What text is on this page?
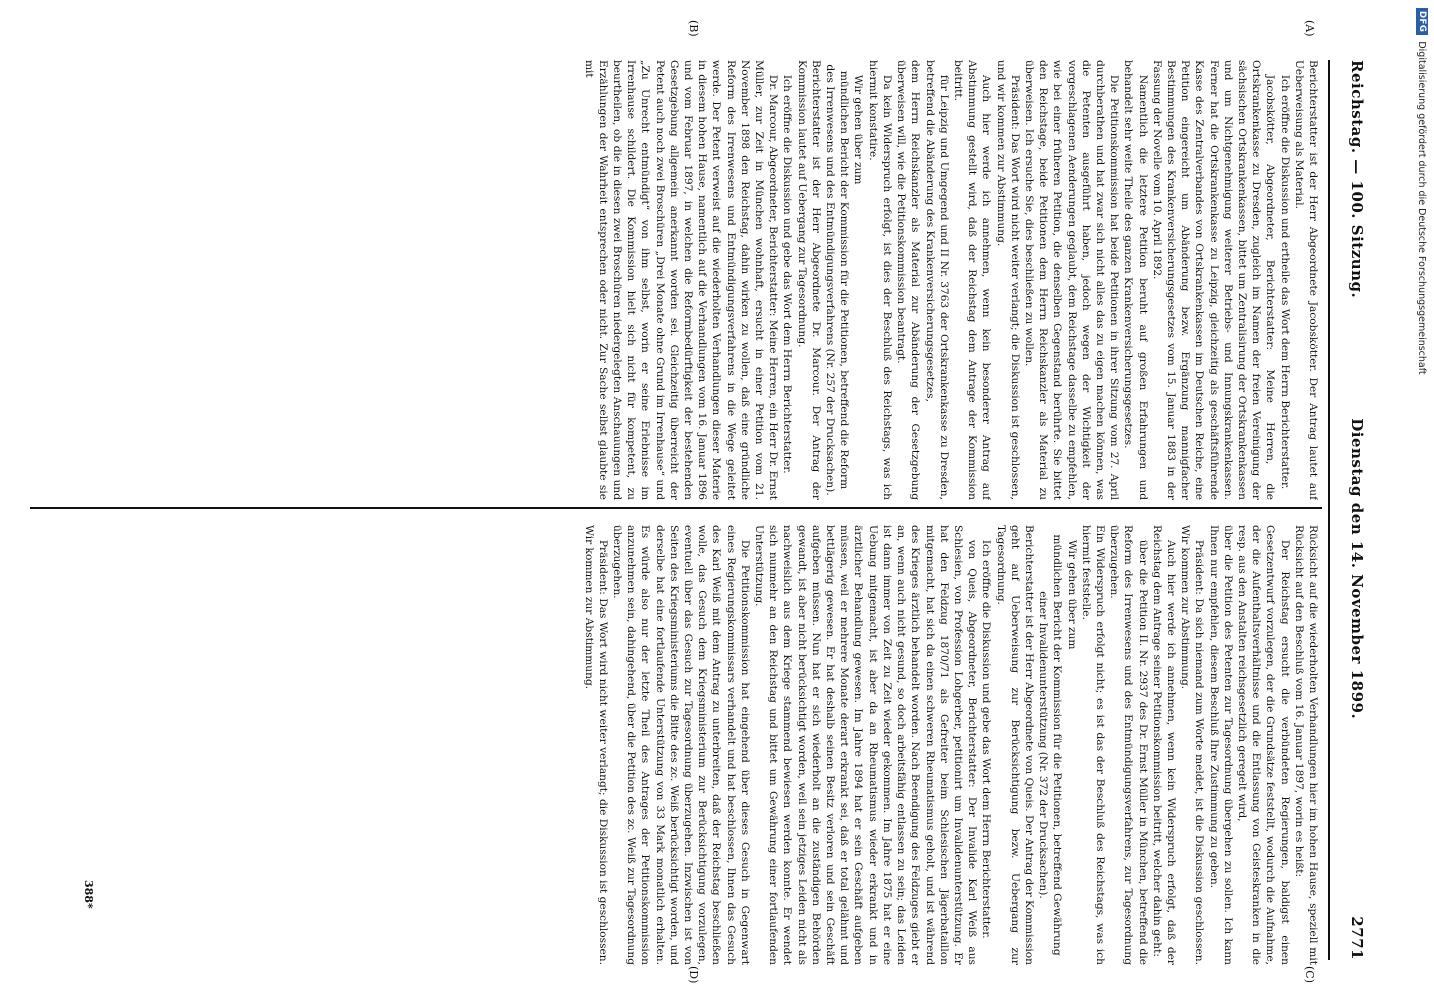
Reichstag. — 100. Sitzung.
Dienstag den 14. November 1899.
2771
(A)
(B)
(C)
(D)

Berichterstatter ist der Herr Abgeordnete Jacobskötter. Der Antrag lautet auf Ueberweisung als Material.

Ich eröffne die Diskussion und ertheile das Wort dem Herrn Berichterstatter.

Jacobskötter, Abgeordneter, Berichterstatter: Meine Herren, die Ortskrankenkasse zu Dresden, zugleich im Namen der freien Vereinigung der sächsischen Ortskrankenkassen, bittet um Zentralisirung der Ortskrankenkassen und um Nichtgenehmigung weiterer Betriebs- und Innungskrankenkassen. Ferner hat die Ortskrankenkasse zu Leipzig, gleichzeitig als geschäftsführende Kasse des Zentralverbandes von Ortskrankenkassen im Deutschen Reiche, eine Petition eingereicht um Abänderung bezw. Ergänzung mannigfacher Bestimmungen des Krankenversicherungsgesetzes vom 15. Januar 1883 in der Fassung der Novelle vom 10. April 1892.

Namentlich die letztere Petition beruht auf großen Erfahrungen und behandelt sehr weite Theile des ganzen Krankenversicherungsgesetzes.

Die Petitionskommission hat beide Petitionen in ihrer Sitzung vom 27. April durchberathen und hat zwar sich nicht alles das zu eigen machen können, was die Petenten ausgeführt haben, jedoch wegen der Wichtigkeit der vorgeschlagenen Aenderungen geglaubt, dem Reichstage dasselbe zu empfehlen, wie bei einer früheren Petition, die denselben Gegenstand berührte. Sie bittet den Reichstage, beide Petitionen dem Herrn Reichskanzler als Material zu überweisen. Ich ersuche Sie, dies beschließen zu wollen.

Präsident: Das Wort wird nicht weiter verlangt; die Diskussion ist geschlossen, und wir kommen zur Abstimmung.

Auch hier werde ich annehmen, wenn kein besonderer Antrag auf Abstimmung gestellt wird, daß der Reichstag dem Antrage der Kommission beitritt.

für Leipzig und Umgegend und II Nr. 3763 der Ortskrankenkasse zu Dresden, betreffend die Abänderung des Krankenversicherungsgesetzes,

dem Herrn Reichskanzler als Material zur Abänderung der Gesetzgebung überweisen will, wie die Petitionskommission beantragt.

Da kein Widerspruch erfolgt, ist dies der Beschluß des Reichstags, was ich hiermit konstatire.

Wir gehen über zum

mündlichen Bericht der Kommission für die Petitionen, betreffend die Reform des Irrenwesens und des Entmündigungsverfahrens (Nr. 257 der Drucksachen).

Berichterstatter ist der Herr Abgeordnete Dr. Marcour. Der Antrag der Kommission lautet auf Uebergang zur Tagesordnung.

Ich eröffne die Diskussion und gebe das Wort dem Herrn Berichterstatter.

Dr. Marcour, Abgeordneter, Berichterstatter: Meine Herren, ein Herr Dr. Ernst Müller, zur Zeit in München wohnhaft, ersucht in einer Petition vom 21. November 1898 den Reichstag, dahin wirken zu wollen, daß eine gründliche Reform des Irrenwesens und Entmündigungsverfahrens in die Wege geleitet werde. Der Petent verweist auf die wiederholten Verhandlungen dieser Materie in diesem hohen Hause, namentlich auf die Verhandlungen vom 16. Januar 1896 und vom Februar 1897, in welchen die Reformbedürftigkeit der bestehenden Gesetzgebung allgemein anerkannt worden sei. Gleichzeitig überreicht der Petent auch noch zwei Broschüren „Drei Monate ohne Grund im Irrenhause“ und „Zu Unrecht entmündigt“ von ihm selbst, worin er seine Erlebnisse im Irrenhause schildert. Die Kommission hielt sich nicht für kompetent, zu beurtheilen, ob die in diesen zwei Broschüren niedergelegten Anschauungen und Erzählungen der Wahrheit entsprechen oder nicht. Zur Sache selbst glaubte sie mit

Rücksicht auf die wiederholten Verhandlungen hier im hohen Hause, speziell mit Rücksicht auf den Beschluß vom 16. Januar 1897, worin es heißt:

Der Reichstag ersucht die verbündeten Regierungen, baldigst einen Gesetzentwurf vorzulegen, der die Grundsätze feststellt, wodurch die Aufnahme, der die Aufenthaltsverhältnisse und die Entlassung von Geisteskranken in die resp. aus den Anstalten reichsgesetzlich geregelt wird,

über die Petition des Petenten zur Tagesordnung übergehen zu sollen. Ich kann Ihnen nur empfehlen, diesem Beschluß Ihre Zustimmung zu geben.

Präsident: Da sich niemand zum Worte meldet, ist die Diskussion geschlossen. Wir kommen zur Abstimmung.

Auch hier werde ich annehmen, wenn kein Widerspruch erfolgt, daß der Reichstag dem Antrage seiner Petitionskommission beitritt, welcher dahin geht:

über die Petition II. Nr. 2937 des Dr. Ernst Müller in München, betreffend die Reform des Irrenwesens und des Entmündigungsverfahrens, zur Tagesordnung überzugehen.

Ein Widerspruch erfolgt nicht; es ist das der Beschluß des Reichstags, was ich hiermit feststelle.

Wir gehen über zum

mündlichen Bericht der Kommission für die Petitionen, betreffend Gewährung einer Invalidenunterstützung (Nr. 372 der Drucksachen).

Berichterstatter ist der Herr Abgeordnete von Queis. Der Antrag der Kommission geht auf Ueberweisung zur Berücksichtigung bezw. Uebergang zur Tagesordnung.

Ich eröffne die Diskussion und gebe das Wort dem Herrn Berichterstatter.

von Queis, Abgeordneter, Berichterstatter: Der Invalide Karl Weiß aus Schlesien, von Profession Lohgerber, petitionirt um Invalidenunterstützung. Er hat den Feldzug 1870/71 als Gefreiter beim Schlesischen Jägerbataillon mitgemacht, hat sich da einen schweren Rheumatismus geholt, und ist während des Krieges ärztlich behandelt worden. Nach Beendigung des Feldzuges giebt er an, wenn auch nicht gesund, so doch arbeitsfähig entlassen zu sein; das Leiden ist dann immer von Zeit zu Zeit wieder gekommen. Im Jahre 1875 hat er eine Uebung mitgemacht, ist aber da an Rheumatismus wieder erkrankt und in ärztlicher Behandlung gewesen. Im Jahre 1894 hat er sein Geschäft aufgeben müssen, weil er mehrere Monate derart erkrankt sei, daß er total gelähmt und bettlägerig gewesen. Er hat deshalb seinen Besitz verloren und sein Geschäft aufgeben müssen. Nun hat er sich wiederholt an die zuständigen Behörden gewandt, ist aber nicht berücksichtigt worden, weil sein jetziges Leiden nicht als nachweislich aus dem Kriege stammend bewiesen werden konnte. Er wendet sich nunmehr an den Reichstag und bittet um Gewährung einer fortlaufenden Unterstützung.

Die Petitionskommission hat eingehend über dieses Gesuch in Gegenwart eines Regierungskommissars verhandelt und hat beschlossen, Ihnen das Gesuch des Karl Weiß mit dem Antrag zu unterbreiten, daß der Reichstag beschließen wolle, das Gesuch dem Kriegsministerium zur Berücksichtigung vorzulegen, eventuell über das Gesuch zur Tagesordnung überzugehen. Inzwischen ist von Seiten des Kriegsministeriums die Bitte des zc. Weiß berücksichtigt worden, und derselbe hat eine fortlaufende Unterstützung von 33 Mark monatlich erhalten. Es würde also nur der letzte Theil des Antrages der Petitionskommission anzunehmen sein, dahingehend, über die Petition des zc. Weiß zur Tagesordnung überzugehen.

Präsident: Das Wort wird nicht weiter verlangt; die Diskussion ist geschlossen. Wir kommen zur Abstimmung.

388*
DFG
Digitalisierung gefördert durch die Deutsche Forschungsgemeinschaft
